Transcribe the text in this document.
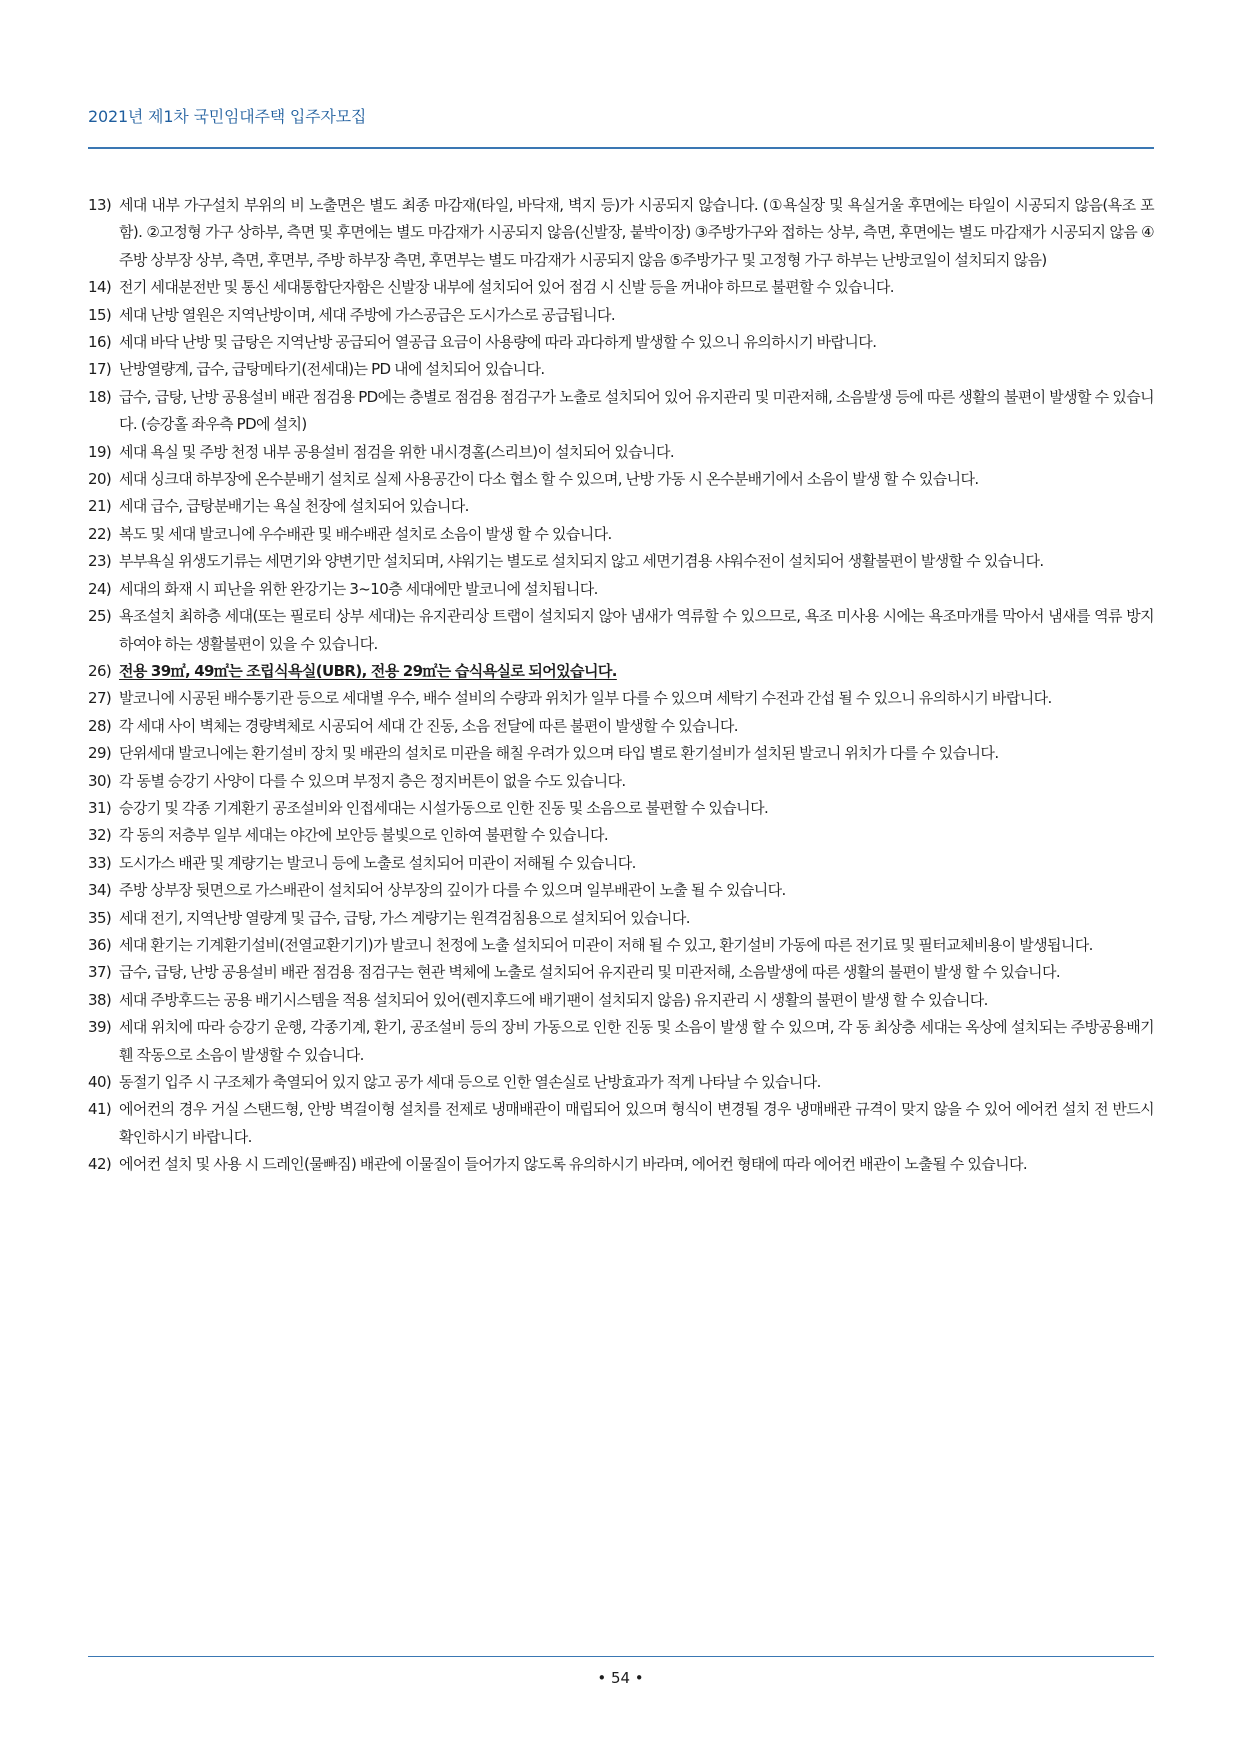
2021년 제1차 국민임대주택 입주자모집
13) 세대 내부 가구설치 부위의 비 노출면은 별도 최종 마감재(타일, 바닥재, 벽지 등)가 시공되지 않습니다. (①욕실장 및 욕실거울 후면에는 타일이 시공되지 않음(욕조 포함). ②고정형 가구 상하부, 측면 및 후면에는 별도 마감재가 시공되지 않음(신발장, 붙박이장) ③주방가구와 접하는 상부, 측면, 후면에는 별도 마감재가 시공되지 않음 ④주방 상부장 상부, 측면, 후면부, 주방 하부장 측면, 후면부는 별도 마감재가 시공되지 않음 ⑤주방가구 및 고정형 가구 하부는 난방코일이 설치되지 않음)
14) 전기 세대분전반 및 통신 세대통합단자함은 신발장 내부에 설치되어 있어 점검 시 신발 등을 꺼내야 하므로 불편할 수 있습니다.
15) 세대 난방 열원은 지역난방이며, 세대 주방에 가스공급은 도시가스로 공급됩니다.
16) 세대 바닥 난방 및 급탕은 지역난방 공급되어 열공급 요금이 사용량에 따라 과다하게 발생할 수 있으니 유의하시기 바랍니다.
17) 난방열량계, 급수, 급탕메타기(전세대)는 PD 내에 설치되어 있습니다.
18) 급수, 급탕, 난방 공용설비 배관 점검용 PD에는 층별로 점검용 점검구가 노출로 설치되어 있어 유지관리 및 미관저해, 소음발생 등에 따른 생활의 불편이 발생할 수 있습니다. (승강홀 좌우측 PD에 설치)
19) 세대 욕실 및 주방 천정 내부 공용설비 점검을 위한 내시경홀(스리브)이 설치되어 있습니다.
20) 세대 싱크대 하부장에 온수분배기 설치로 실제 사용공간이 다소 협소 할 수 있으며, 난방 가동 시 온수분배기에서 소음이 발생 할 수 있습니다.
21) 세대 급수, 급탕분배기는 욕실 천장에 설치되어 있습니다.
22) 복도 및 세대 발코니에 우수배관 및 배수배관 설치로 소음이 발생 할 수 있습니다.
23) 부부욕실 위생도기류는 세면기와 양변기만 설치되며, 샤워기는 별도로 설치되지 않고 세면기겸용 샤워수전이 설치되어 생활불편이 발생할 수 있습니다.
24) 세대의 화재 시 피난을 위한 완강기는 3~10층 세대에만 발코니에 설치됩니다.
25) 욕조설치 최하층 세대(또는 필로티 상부 세대)는 유지관리상 트랩이 설치되지 않아 냄새가 역류할 수 있으므로, 욕조 미사용 시에는 욕조마개를 막아서 냄새를 역류 방지하여야 하는 생활불편이 있을 수 있습니다.
26) 전용 39㎡, 49㎡는 조립식욕실(UBR), 전용 29㎡는 습식욕실로 되어있습니다.
27) 발코니에 시공된 배수통기관 등으로 세대별 우수, 배수 설비의 수량과 위치가 일부 다를 수 있으며 세탁기 수전과 간섭 될 수 있으니 유의하시기 바랍니다.
28) 각 세대 사이 벽체는 경량벽체로 시공되어 세대 간 진동, 소음 전달에 따른 불편이 발생할 수 있습니다.
29) 단위세대 발코니에는 환기설비 장치 및 배관의 설치로 미관을 해칠 우려가 있으며 타입 별로 환기설비가 설치된 발코니 위치가 다를 수 있습니다.
30) 각 동별 승강기 사양이 다를 수 있으며 부정지 층은 정지버튼이 없을 수도 있습니다.
31) 승강기 및 각종 기계환기 공조설비와 인접세대는 시설가동으로 인한 진동 및 소음으로 불편할 수 있습니다.
32) 각 동의 저층부 일부 세대는 야간에 보안등 불빛으로 인하여 불편할 수 있습니다.
33) 도시가스 배관 및 계량기는 발코니 등에 노출로 설치되어 미관이 저해될 수 있습니다.
34) 주방 상부장 뒷면으로 가스배관이 설치되어 상부장의 깊이가 다를 수 있으며 일부배관이 노출 될 수 있습니다.
35) 세대 전기, 지역난방 열량계 및 급수, 급탕, 가스 계량기는 원격검침용으로 설치되어 있습니다.
36) 세대 환기는 기계환기설비(전열교환기기)가 발코니 천정에 노출 설치되어 미관이 저해 될 수 있고, 환기설비 가동에 따른 전기료 및 필터교체비용이 발생됩니다.
37) 급수, 급탕, 난방 공용설비 배관 점검용 점검구는 현관 벽체에 노출로 설치되어 유지관리 및 미관저해, 소음발생에 따른 생활의 불편이 발생 할 수 있습니다.
38) 세대 주방후드는 공용 배기시스템을 적용 설치되어 있어(렌지후드에 배기팬이 설치되지 않음) 유지관리 시 생활의 불편이 발생 할 수 있습니다.
39) 세대 위치에 따라 승강기 운행, 각종기계, 환기, 공조설비 등의 장비 가동으로 인한 진동 및 소음이 발생 할 수 있으며, 각 동 최상층 세대는 옥상에 설치되는 주방공용배기휀 작동으로 소음이 발생할 수 있습니다.
40) 동절기 입주 시 구조체가 축열되어 있지 않고 공가 세대 등으로 인한 열손실로 난방효과가 적게 나타날 수 있습니다.
41) 에어컨의 경우 거실 스탠드형, 안방 벽걸이형 설치를 전제로 냉매배관이 매립되어 있으며 형식이 변경될 경우 냉매배관 규격이 맞지 않을 수 있어 에어컨 설치 전 반드시 확인하시기 바랍니다.
42) 에어컨 설치 및 사용 시 드레인(물빠짐) 배관에 이물질이 들어가지 않도록 유의하시기 바라며, 에어컨 형태에 따라 에어컨 배관이 노출될 수 있습니다.
• 54 •
